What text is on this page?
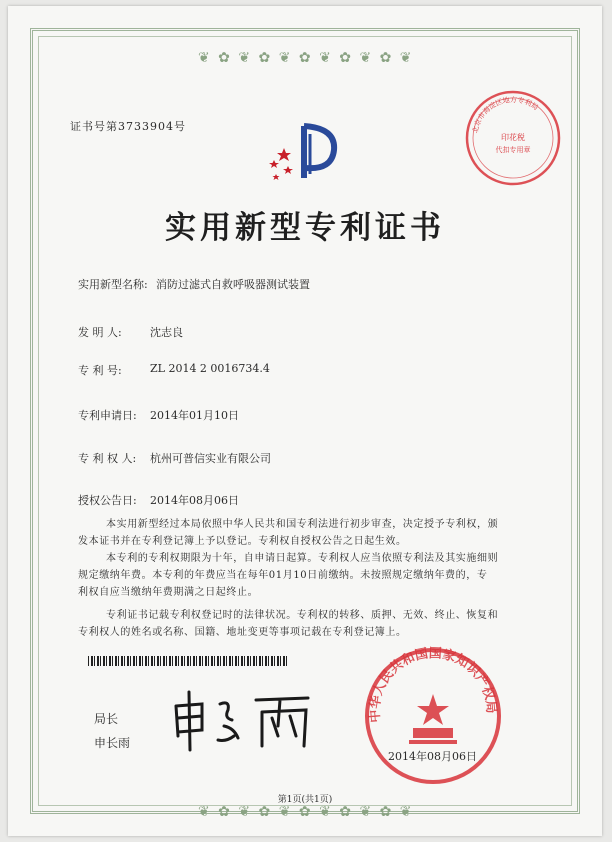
❦ ✿ ❦ ✿ ❦ ✿ ❦ ✿ ❦ ✿ ❦
❦ ✿ ❦ ✿ ❦ ✿ ❦ ✿ ❦ ✿ ❦
证书号第3733904号
实用新型专利证书
实用新型名称: 消防过滤式自救呼吸器测试装置
发 明 人:	沈志良
专 利 号:	ZL 2014 2 0016734.4
专利申请日: 2014年01月10日
专 利 权 人: 杭州可普信实业有限公司
授权公告日: 2014年08月06日

本实用新型经过本局依照中华人民共和国专利法进行初步审查，决定授予专利权，颁

发本证书并在专利登记簿上予以登记。专利权自授权公告之日起生效。

本专利的专利权期限为十年，自申请日起算。专利权人应当依照专利法及其实施细则

规定缴纳年费。本专利的年费应当在每年01月10日前缴纳。未按照规定缴纳年费的，专
利权自应当缴纳年费期满之日起终止。

专利证书记载专利权登记时的法律状况。专利权的转移、质押、无效、终止、恢复和

专利权人的姓名或名称、国籍、地址变更等事项记载在专利登记簿上。
局长
申长雨
北京市海淀区地方专利局
印花税
代扣专用章
中华人民共和国国家知识产权局
2014年08月06日
第1页(共1页)
